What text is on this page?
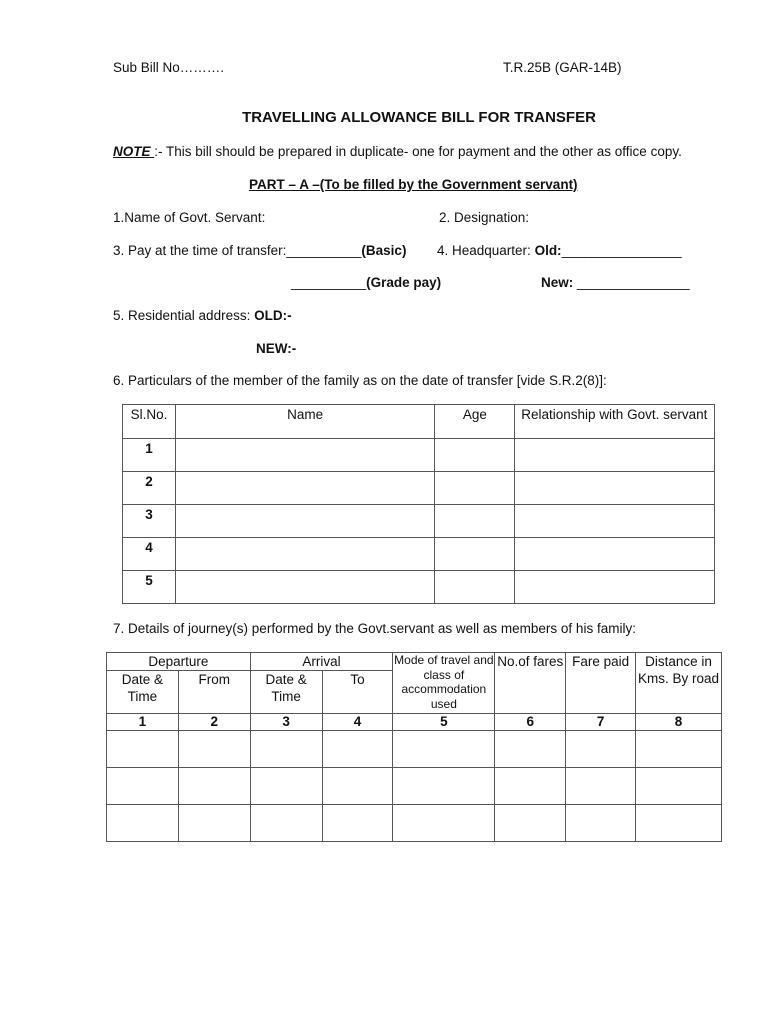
Sub Bill No……….	T.R.25B (GAR-14B)
TRAVELLING ALLOWANCE BILL FOR TRANSFER
NOTE :- This bill should be prepared in duplicate- one for payment and the other as office copy.
PART – A –(To be filled by the Government servant)
1.Name of Govt. Servant:	2. Designation:
3. Pay at the time of transfer:__________(Basic) 4. Headquarter: Old:________________
__________(Grade pay)	New: _______________
5. Residential address: OLD:-
NEW:-
6. Particulars of the member of the family as on the date of transfer [vide S.R.2(8)]:
Sl.No.	Name	Age	Relationship with Govt. servant
1			
2			
3			
4			
5			
7. Details of journey(s) performed by the Govt.servant as well as members of his family:
Departure		Arrival		Mode of travel and class of accommodation used	No.of fares	Fare paid	Distance in Kms. By road
Date & Time	From	Date & Time	To				
1	2	3	4	5	6	7	8
